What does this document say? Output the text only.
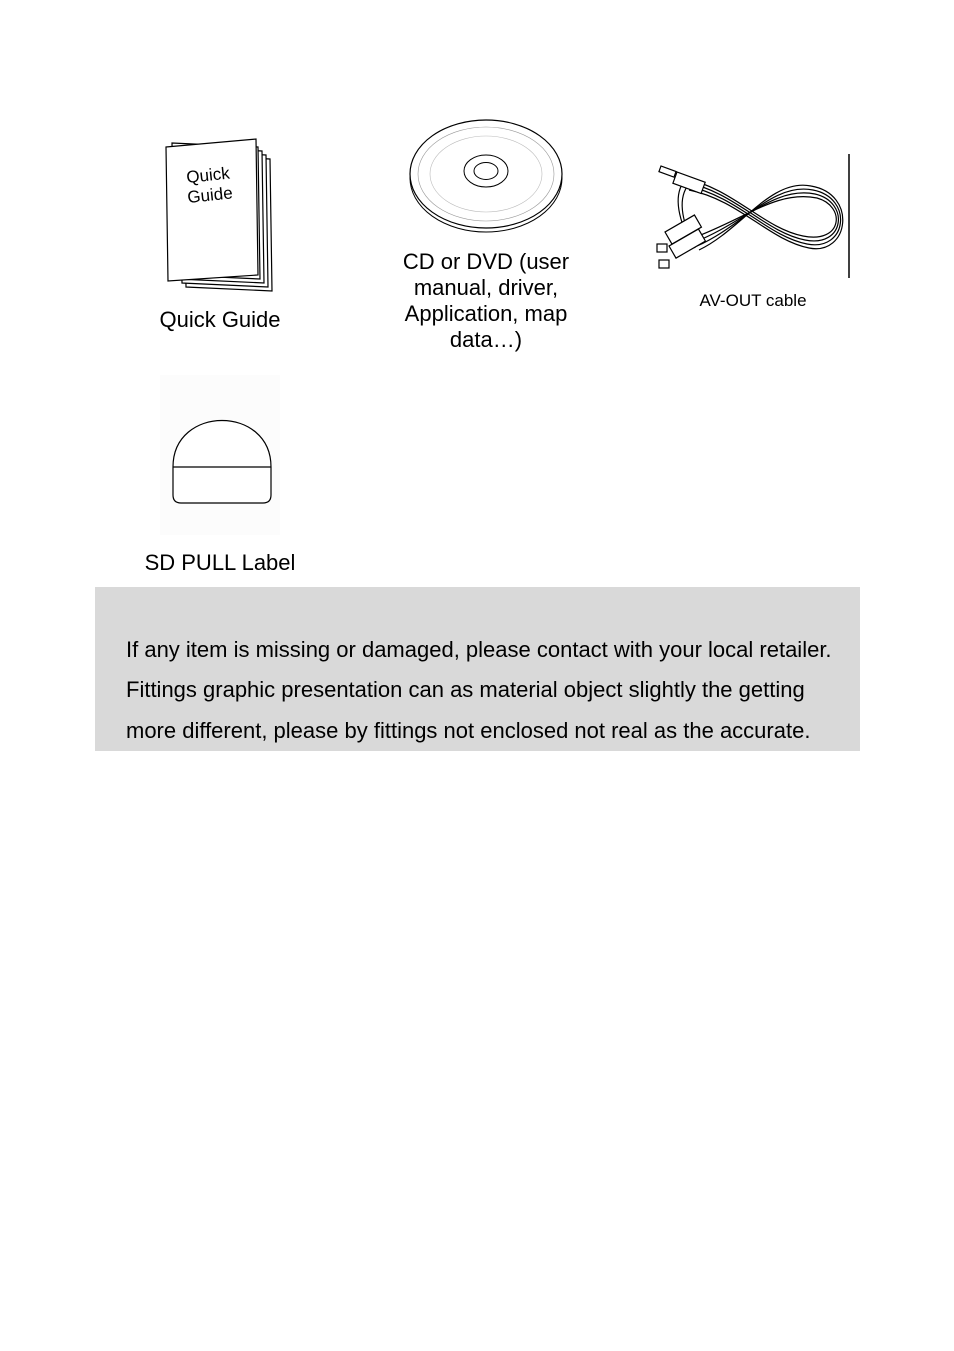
Quick
Guide
Quick Guide
CD or DVD (user
manual, driver,
Application, map
data…)
AV-OUT cable
SD PULL Label
If any item is missing or damaged, please contact with your local retailer.
Fittings graphic presentation can as material object slightly the getting
more different, please by fittings not enclosed not real as the accurate.
